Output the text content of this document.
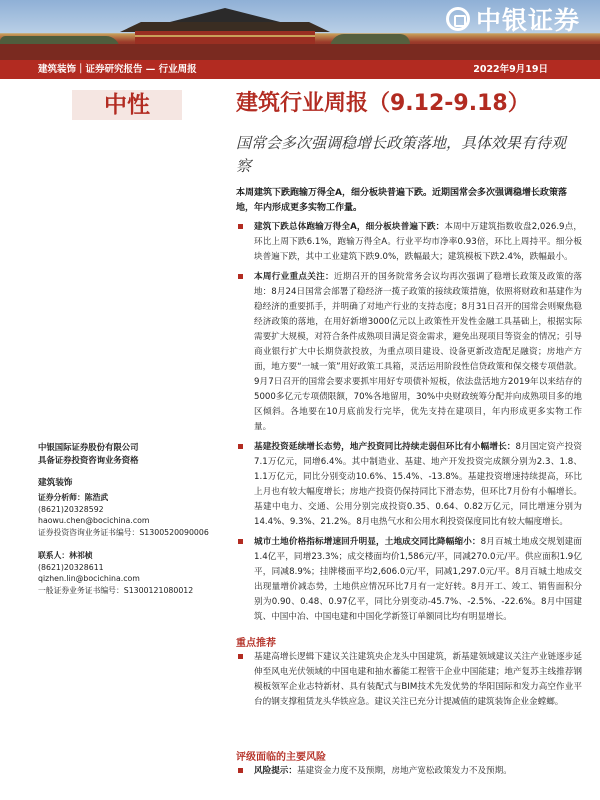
中银证券
建筑装饰｜证券研究报告 — 行业周报	2022年9月19日
中性	建筑行业周报（9.12-9.18）
国常会多次强调稳增长政策落地，具体效果有待观察
本周建筑下跌跑输万得全A，细分板块普遍下跌。近期国常会多次强调稳增长政策落地，年内形成更多实物工作量。
建筑下跌总体跑输万得全A，细分板块普遍下跌：本周中万建筑指数收盘2,026.9点，环比上周下跌6.1%，跑输万得全A。行业平均市净率0.93倍，环比上周持平。细分板块普遍下跌，其中工业建筑下跌9.0%，跌幅最大；建筑模板下跌2.4%，跌幅最小。
本周行业重点关注：近期召开的国务院常务会议均再次强调了稳增长政策及政策的落地：8月24日国常会部署了稳经济一揽子政策的接续政策措施，依照将财政和基建作为稳经济的重要抓手，并明确了对地产行业的支持态度；8月31日召开的国常会则聚焦稳经济政策的落地，在用好新增3000亿元以上政策性开发性金融工具基础上，根据实际需要扩大规模，对符合条件成熟项目满足资金需求，避免出现项目等资金的情况；引导商业银行扩大中长期贷款投放，为重点项目建设、设备更新改造配足融资；房地产方面，地方要“一城一策”用好政策工具箱，灵活运用阶段性信贷政策和保交楼专项借款。9月7日召开的国常会要求要抓牢用好专项债补短板，依法盘活地方2019年以来结存的5000多亿元专项债限额，70%各地留用，30%中央财政统筹分配并向成熟项目多的地区倾斜。各地要在10月底前发行完毕，优先支持在建项目，年内形成更多实物工作量。
基建投资延续增长态势，地产投资同比持续走弱但环比有小幅增长：8月国定资产投资7.1万亿元，同增6.4%。其中制造业、基建、地产开发投资完成额分别为2.3、1.8、1.1万亿元，同比分别变动10.6%、15.4%、-13.8%。基建投资增速持续提高，环比上月也有较大幅度增长；房地产投资仍保持同比下滑态势，但环比7月份有小幅增长。基建中电力、交通、公用分别完成投资0.35、0.64、0.82万亿元，同比增速分别为14.4%、9.3%、21.2%。8月电热气水和公用水利投资保度同比有较大幅度增长。
城市土地价格指标增速回升明显，土地成交同比降幅缩小：8月百城土地成交规划建面1.4亿平，同增23.3%；成交楼面均价1,586元/平，同减270.0元/平。供应面积1.9亿平，同减8.9%；挂牌楼面平均2,606.0元/平，同减1,297.0元/平。8月百城土地成交出现量增价减态势，土地供应情况环比7月有一定好转。8月开工、竣工、销售面积分别为0.90、0.48、0.97亿平，同比分别变动-45.7%、-2.5%、-22.6%。8月中国建筑、中国中冶、中国电建和中国化学新签订单额同比均有明显增长。
重点推荐
基建高增长逻辑下建议关注建筑央企龙头中国建筑，新基建领域建议关注产业链逐步延伸至风电光伏领域的中国电建和抽水蓄能工程管干企业中国能建；地产复苏主线推荐钢模板领军企业志特新材、具有装配式与BIM技术先发优势的华阳国际和发力高空作业平台的钢支撑租赁龙头华铁应急。建议关注已充分计提减值的建筑装饰企业金螳螂。
评级面临的主要风险
风险提示：基建资金力度不及预期，房地产宽松政策发力不及预期。
中银国际证券股份有限公司
具备证券投资咨询业务资格
建筑装饰
证券分析师：陈浩武
(8621)20328592
haowu.chen@bocichina.com
证券投资咨询业务证书编号：S1300520090006
联系人：林祁桢
(8621)20328611
qizhen.lin@bocichina.com
一般证券业务证书编号：S1300121080012
